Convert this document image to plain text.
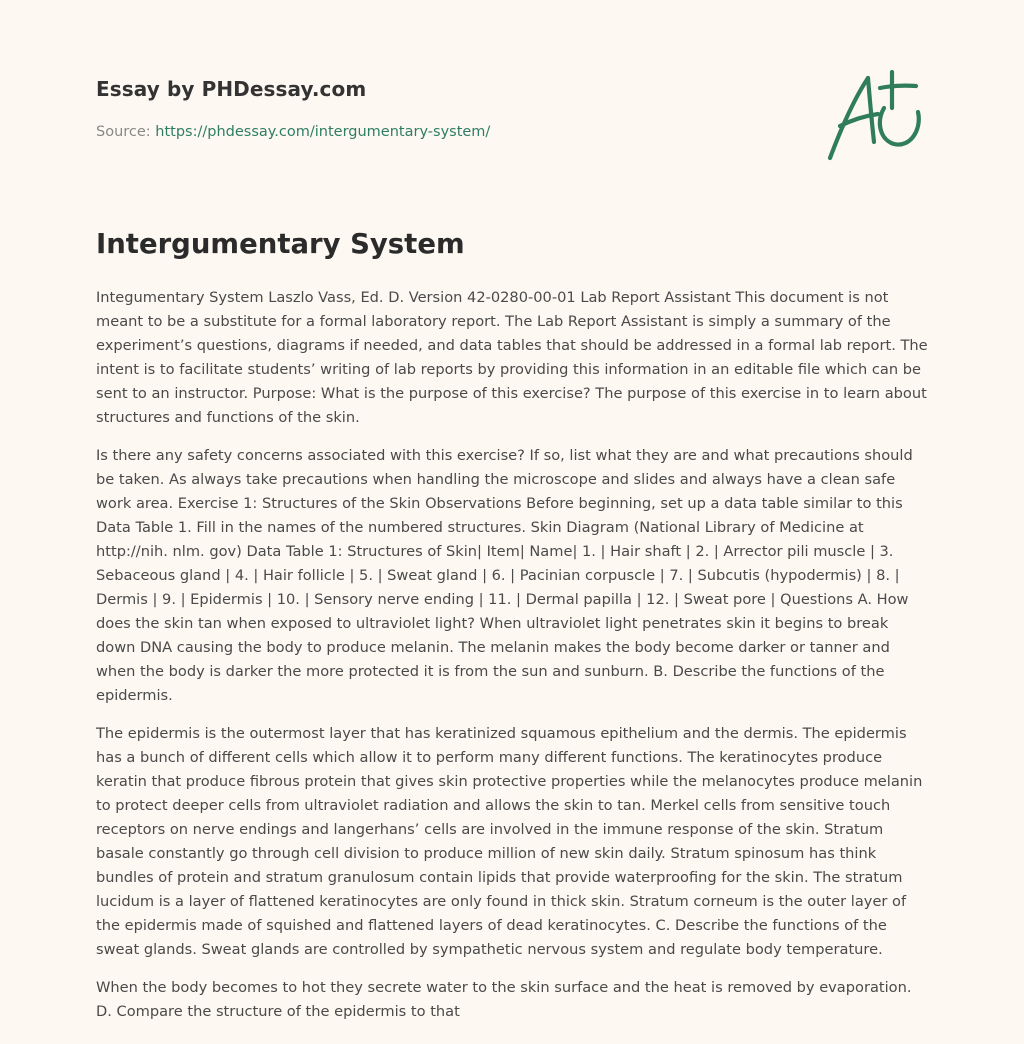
Essay by PHDessay.com
Source: https://phdessay.com/intergumentary-system/
Intergumentary System

Integumentary System Laszlo Vass, Ed. D. Version 42-0280-00-01 Lab Report Assistant This document is not meant to be a substitute for a formal laboratory report. The Lab Report Assistant is simply a summary of the experiment’s questions, diagrams if needed, and data tables that should be addressed in a formal lab report. The intent is to facilitate students’ writing of lab reports by providing this information in an editable file which can be sent to an instructor. Purpose: What is the purpose of this exercise? The purpose of this exercise in to learn about structures and functions of the skin.

Is there any safety concerns associated with this exercise? If so, list what they are and what precautions should be taken. As always take precautions when handling the microscope and slides and always have a clean safe work area. Exercise 1: Structures of the Skin Observations Before beginning, set up a data table similar to this Data Table 1. Fill in the names of the numbered structures. Skin Diagram (National Library of Medicine at http://nih. nlm. gov) Data Table 1: Structures of Skin| Item| Name| 1. | Hair shaft | 2. | Arrector pili muscle | 3. Sebaceous gland | 4. | Hair follicle | 5. | Sweat gland | 6. | Pacinian corpuscle | 7. | Subcutis (hypodermis) | 8. | Dermis | 9. | Epidermis | 10. | Sensory nerve ending | 11. | Dermal papilla | 12. | Sweat pore | Questions A. How does the skin tan when exposed to ultraviolet light? When ultraviolet light penetrates skin it begins to break down DNA causing the body to produce melanin. The melanin makes the body become darker or tanner and when the body is darker the more protected it is from the sun and sunburn. B. Describe the functions of the epidermis.

The epidermis is the outermost layer that has keratinized squamous epithelium and the dermis. The epidermis has a bunch of different cells which allow it to perform many different functions. The keratinocytes produce keratin that produce fibrous protein that gives skin protective properties while the melanocytes produce melanin to protect deeper cells from ultraviolet radiation and allows the skin to tan. Merkel cells from sensitive touch receptors on nerve endings and langerhans’ cells are involved in the immune response of the skin. Stratum basale constantly go through cell division to produce million of new skin daily. Stratum spinosum has think bundles of protein and stratum granulosum contain lipids that provide waterproofing for the skin. The stratum lucidum is a layer of flattened keratinocytes are only found in thick skin. Stratum corneum is the outer layer of the epidermis made of squished and flattened layers of dead keratinocytes. C. Describe the functions of the sweat glands. Sweat glands are controlled by sympathetic nervous system and regulate body temperature.

When the body becomes to hot they secrete water to the skin surface and the heat is removed by evaporation. D. Compare the structure of the epidermis to that
